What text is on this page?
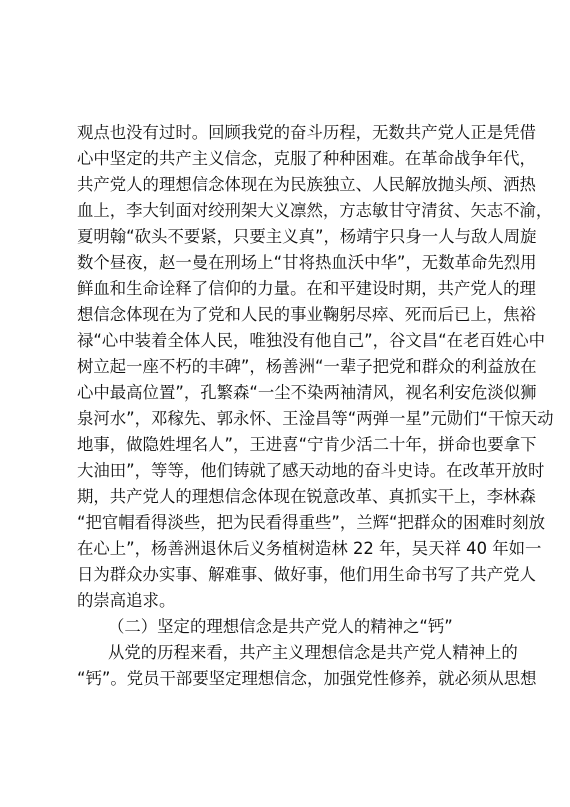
观点也没有过时。回顾我党的奋斗历程，无数共产党人正是凭借
心中坚定的共产主义信念，克服了种种困难。在革命战争年代，
共产党人的理想信念体现在为民族独立、人民解放抛头颅、洒热
血上，李大钊面对绞刑架大义凛然，方志敏甘守清贫、矢志不渝，
夏明翰“砍头不要紧，只要主义真”，杨靖宇只身一人与敌人周旋
数个昼夜，赵一曼在刑场上“甘将热血沃中华”，无数革命先烈用
鲜血和生命诠释了信仰的力量。在和平建设时期，共产党人的理
想信念体现在为了党和人民的事业鞠躬尽瘁、死而后已上，焦裕
禄“心中装着全体人民，唯独没有他自己”，谷文昌“在老百姓心中
树立起一座不朽的丰碑”，杨善洲“一辈子把党和群众的利益放在
心中最高位置”，孔繁森“一尘不染两袖清风，视名利安危淡似狮
泉河水”，邓稼先、郭永怀、王淦昌等“两弹一星”元勋们“干惊天动
地事，做隐姓埋名人”，王进喜“宁肯少活二十年，拼命也要拿下
大油田”，等等，他们铸就了感天动地的奋斗史诗。在改革开放时
期，共产党人的理想信念体现在锐意改革、真抓实干上，李林森
“把官帽看得淡些，把为民看得重些”，兰辉“把群众的困难时刻放
在心上”，杨善洲退休后义务植树造林 22 年，吴天祥 40 年如一
日为群众办实事、解难事、做好事，他们用生命书写了共产党人
的崇高追求。
（二）坚定的理想信念是共产党人的精神之“钙”
从党的历程来看，共产主义理想信念是共产党人精神上的
“钙”。党员干部要坚定理想信念，加强党性修养，就必须从思想
